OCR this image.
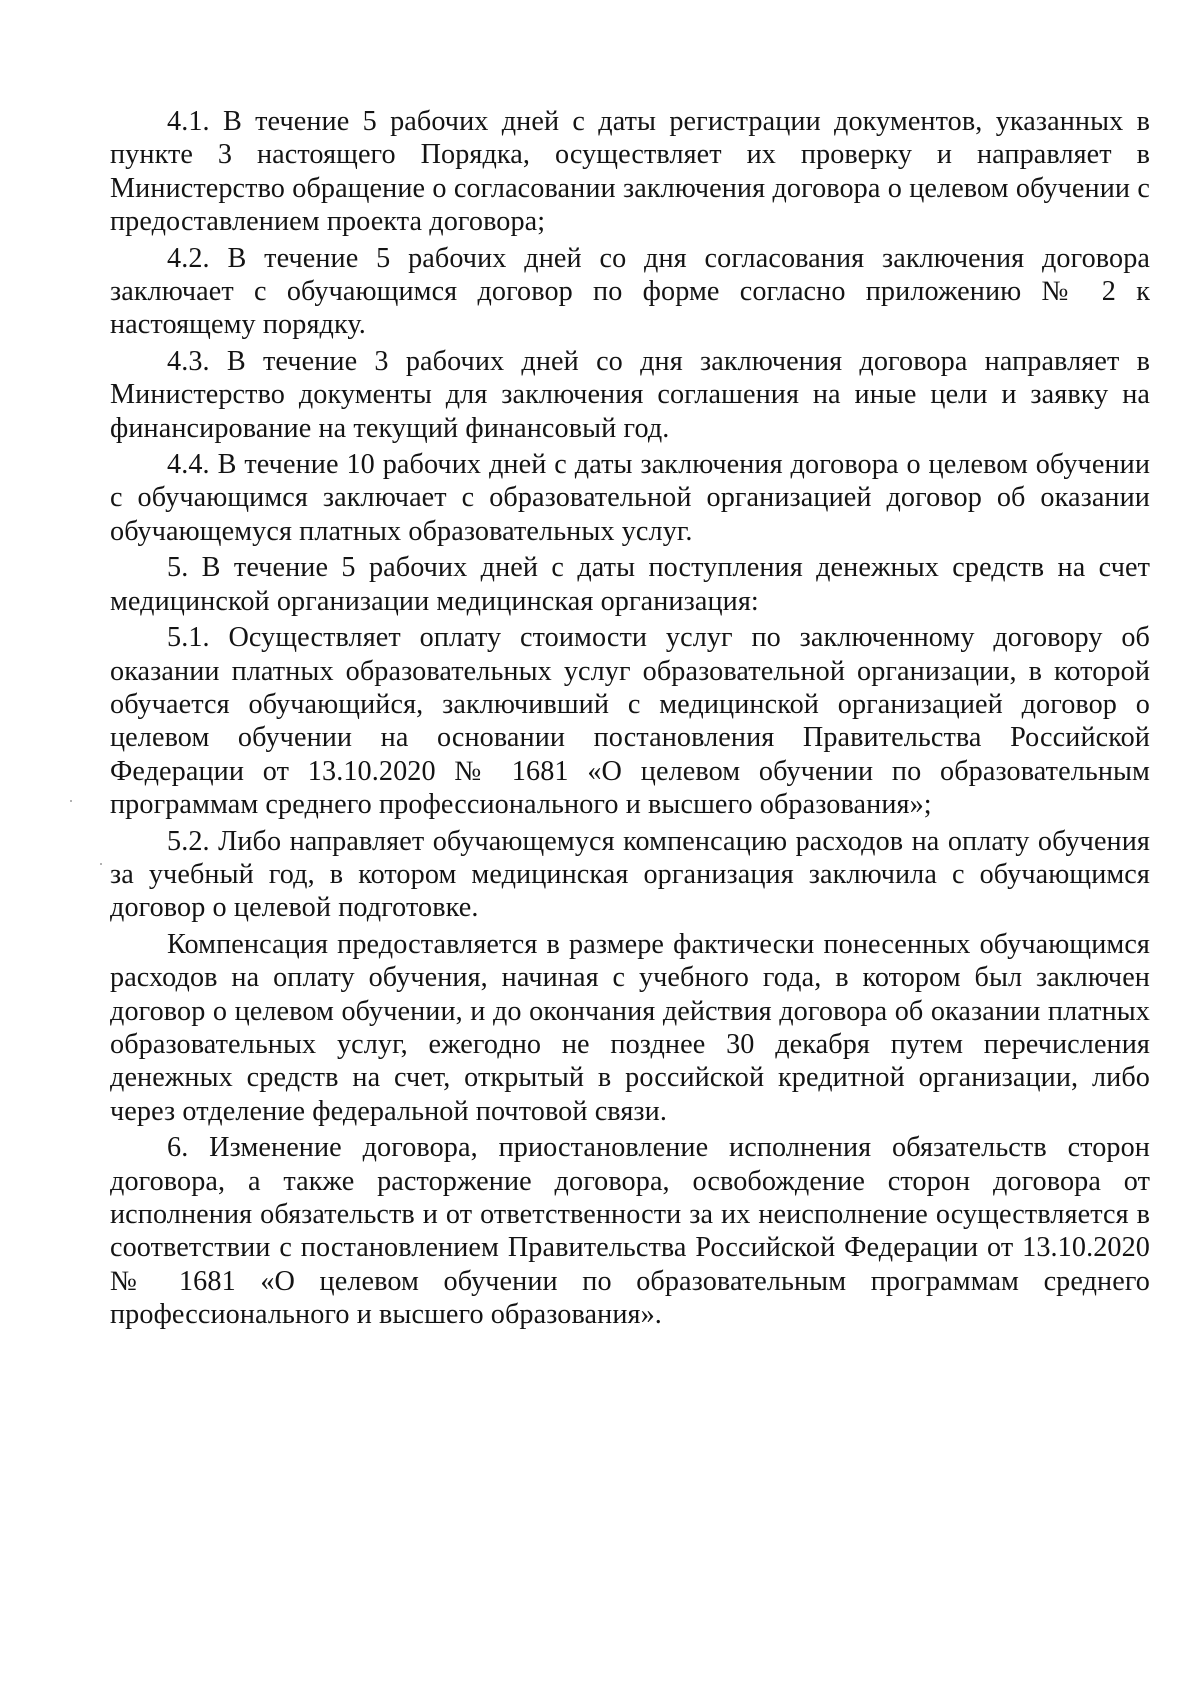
4.1. В течение 5 рабочих дней с даты регистрации документов, указанных в пункте 3 настоящего Порядка, осуществляет их проверку и направляет в Министерство обращение о согласовании заключения договора о целевом обучении с предоставлением проекта договора;

4.2. В течение 5 рабочих дней со дня согласования заключения договора заключает с обучающимся договор по форме согласно приложению № 2 к настоящему порядку.

4.3. В течение 3 рабочих дней со дня заключения договора направляет в Министерство документы для заключения соглашения на иные цели и заявку на финансирование на текущий финансовый год.

4.4. В течение 10 рабочих дней с даты заключения договора о целевом обучении с обучающимся заключает с образовательной организацией договор об оказании обучающемуся платных образовательных услуг.

5. В течение 5 рабочих дней с даты поступления денежных средств на счет медицинской организации медицинская организация:

5.1. Осуществляет оплату стоимости услуг по заключенному договору об оказании платных образовательных услуг образовательной организации, в которой обучается обучающийся, заключивший с медицинской организацией договор о целевом обучении на основании постановления Правительства Российской Федерации от 13.10.2020 № 1681 «О целевом обучении по образовательным программам среднего профессионального и высшего образования»;

5.2. Либо направляет обучающемуся компенсацию расходов на оплату обучения за учебный год, в котором медицинская организация заключила с обучающимся договор о целевой подготовке.

Компенсация предоставляется в размере фактически понесенных обучающимся расходов на оплату обучения, начиная с учебного года, в котором был заключен договор о целевом обучении, и до окончания действия договора об оказании платных образовательных услуг, ежегодно не позднее 30 декабря путем перечисления денежных средств на счет, открытый в российской кредитной организации, либо через отделение федеральной почтовой связи.

6. Изменение договора, приостановление исполнения обязательств сторон договора, а также расторжение договора, освобождение сторон договора от исполнения обязательств и от ответственности за их неисполнение осуществляется в соответствии с постановлением Правительства Российской Федерации от 13.10.2020 № 1681 «О целевом обучении по образовательным программам среднего профессионального и высшего образования».
